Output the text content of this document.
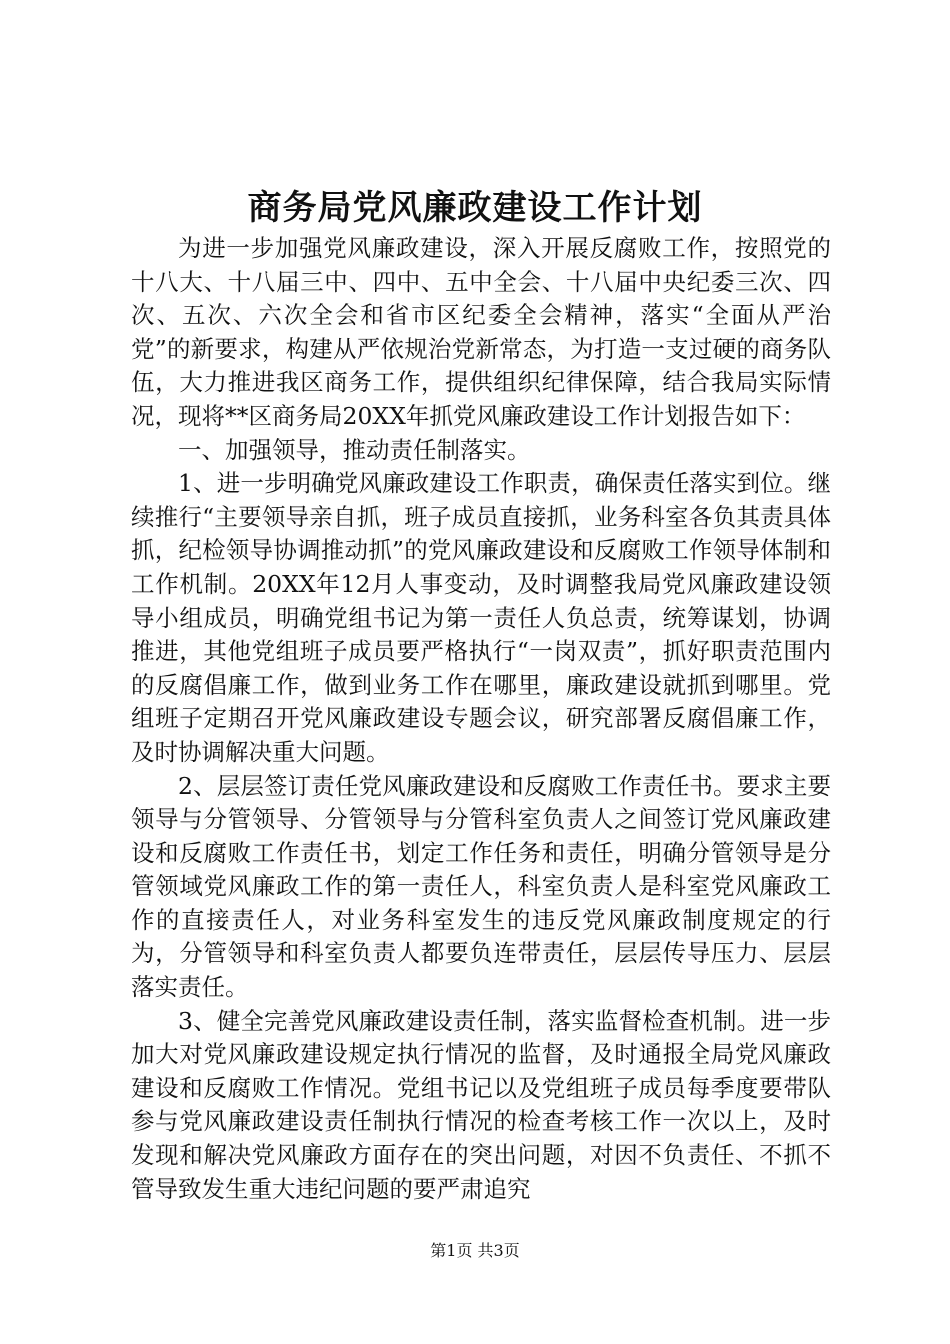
商务局党风廉政建设工作计划

为进一步加强党风廉政建设，深入开展反腐败工作，按照党的十八大、十八届三中、四中、五中全会、十八届中央纪委三次、四次、五次、六次全会和省市区纪委全会精神，落实“全面从严治党”的新要求，构建从严依规治党新常态，为打造一支过硬的商务队伍，大力推进我区商务工作，提供组织纪律保障，结合我局实际情况，现将**区商务局20XX年抓党风廉政建设工作计划报告如下：

一、加强领导，推动责任制落实。

1、进一步明确党风廉政建设工作职责，确保责任落实到位。继续推行“主要领导亲自抓，班子成员直接抓，业务科室各负其责具体抓，纪检领导协调推动抓”的党风廉政建设和反腐败工作领导体制和工作机制。20XX年12月人事变动，及时调整我局党风廉政建设领导小组成员，明确党组书记为第一责任人负总责，统筹谋划，协调推进，其他党组班子成员要严格执行“一岗双责”，抓好职责范围内的反腐倡廉工作，做到业务工作在哪里，廉政建设就抓到哪里。党组班子定期召开党风廉政建设专题会议，研究部署反腐倡廉工作，及时协调解决重大问题。

2、层层签订责任党风廉政建设和反腐败工作责任书。要求主要领导与分管领导、分管领导与分管科室负责人之间签订党风廉政建设和反腐败工作责任书，划定工作任务和责任，明确分管领导是分管领域党风廉政工作的第一责任人，科室负责人是科室党风廉政工作的直接责任人，对业务科室发生的违反党风廉政制度规定的行为，分管领导和科室负责人都要负连带责任，层层传导压力、层层落实责任。

3、健全完善党风廉政建设责任制，落实监督检查机制。进一步加大对党风廉政建设规定执行情况的监督，及时通报全局党风廉政建设和反腐败工作情况。党组书记以及党组班子成员每季度要带队参与党风廉政建设责任制执行情况的检查考核工作一次以上，及时发现和解决党风廉政方面存在的突出问题，对因不负责任、不抓不管导致发生重大违纪问题的要严肃追究

第1页 共3页
